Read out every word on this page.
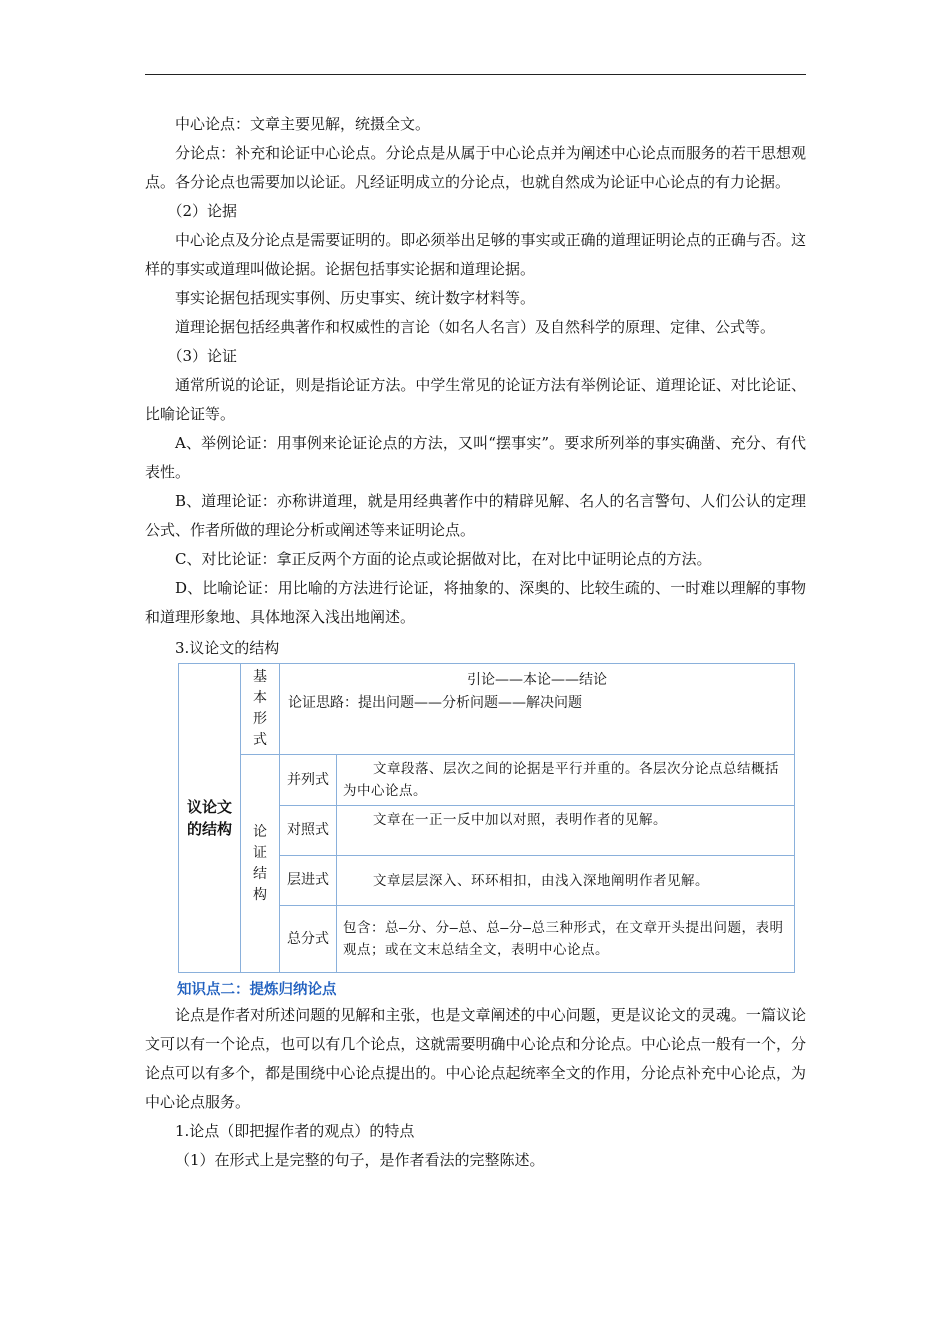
中心论点：文章主要见解，统摄全文。

分论点：补充和论证中心论点。分论点是从属于中心论点并为阐述中心论点而服务的若干思想观点。各分论点也需要加以论证。凡经证明成立的分论点，也就自然成为论证中心论点的有力论据。

（2）论据

中心论点及分论点是需要证明的。即必须举出足够的事实或正确的道理证明论点的正确与否。这样的事实或道理叫做论据。论据包括事实论据和道理论据。

事实论据包括现实事例、历史事实、统计数字材料等。

道理论据包括经典著作和权威性的言论（如名人名言）及自然科学的原理、定律、公式等。

（3）论证

通常所说的论证，则是指论证方法。中学生常见的论证方法有举例论证、道理论证、对比论证、比喻论证等。

A、举例论证：用事例来论证论点的方法，又叫“摆事实”。要求所列举的事实确凿、充分、有代表性。

B、道理论证：亦称讲道理，就是用经典著作中的精辟见解、名人的名言警句、人们公认的定理公式、作者所做的理论分析或阐述等来证明论点。

C、对比论证：拿正反两个方面的论点或论据做对比，在对比中证明论点的方法。

D、比喻论证：用比喻的方法进行论证，将抽象的、深奥的、比较生疏的、一时难以理解的事物和道理形象地、具体地深入浅出地阐述。

3.议论文的结构

议论文的结构	基本形式	引论——本论——结论
论证思路：提出问题——分析问题——解决问题	

	论证结构	并列式	文章段落、层次之间的论据是平行并重的。各层次分论点总结概括为中心论点。
		对照式	文章在一正一反中加以对照，表明作者的见解。
		层进式	文章层层深入、环环相扣，由浅入深地阐明作者见解。
		总分式	包含：总—分、分—总、总—分—总三种形式，在文章开头提出问题，表明观点；或在文末总结全文，表明中心论点。
知识点二：提炼归纳论点

论点是作者对所述问题的见解和主张，也是文章阐述的中心问题，更是议论文的灵魂。一篇议论文可以有一个论点，也可以有几个论点，这就需要明确中心论点和分论点。中心论点一般有一个，分论点可以有多个，都是围绕中心论点提出的。中心论点起统率全文的作用，分论点补充中心论点，为中心论点服务。

1.论点（即把握作者的观点）的特点

（1）在形式上是完整的句子，是作者看法的完整陈述。
